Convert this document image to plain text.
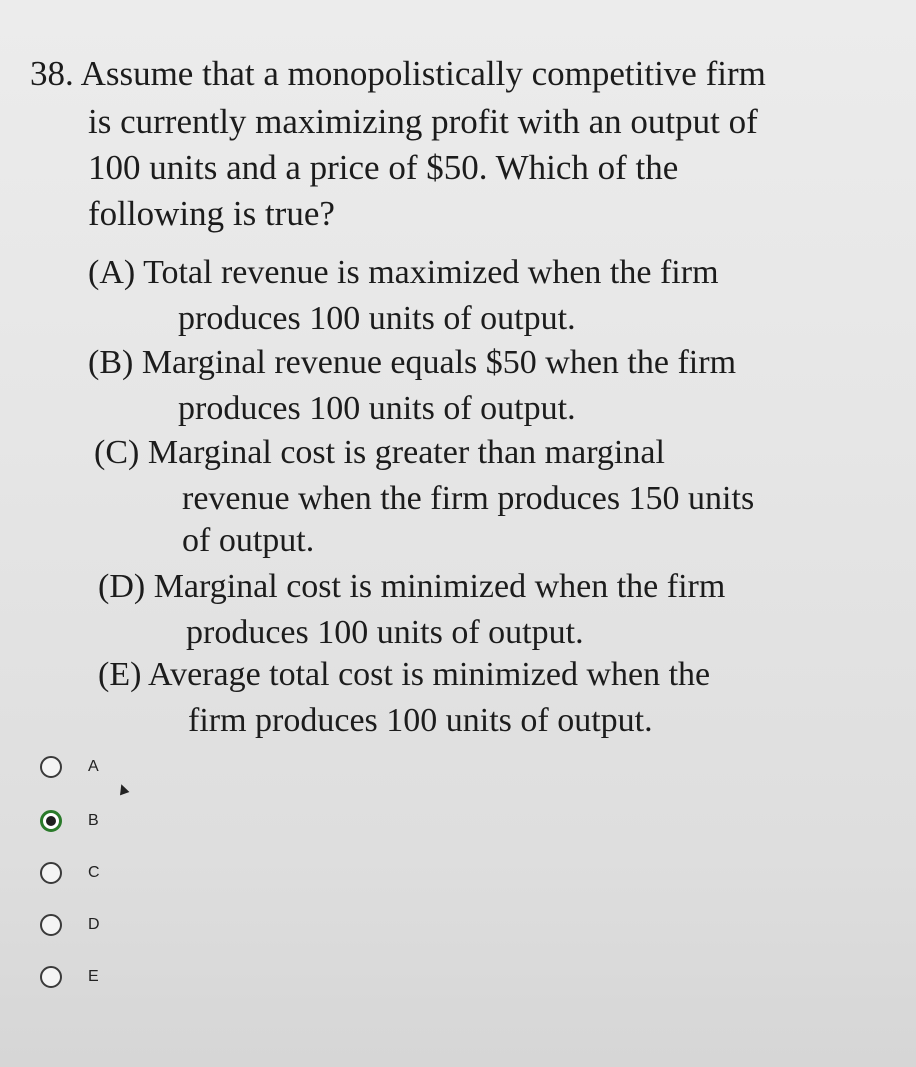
38. Assume that a monopolistically competitive firm
is currently maximizing profit with an output of
100 units and a price of $50. Which of the
following is true?
(A) Total revenue is maximized when the firm
produces 100 units of output.
(B) Marginal revenue equals $50 when the firm
produces 100 units of output.
(C) Marginal cost is greater than marginal
revenue when the firm produces 150 units
of output.
(D) Marginal cost is minimized when the firm
produces 100 units of output.
(E) Average total cost is minimized when the
firm produces 100 units of output.
A
B
C
D
E
